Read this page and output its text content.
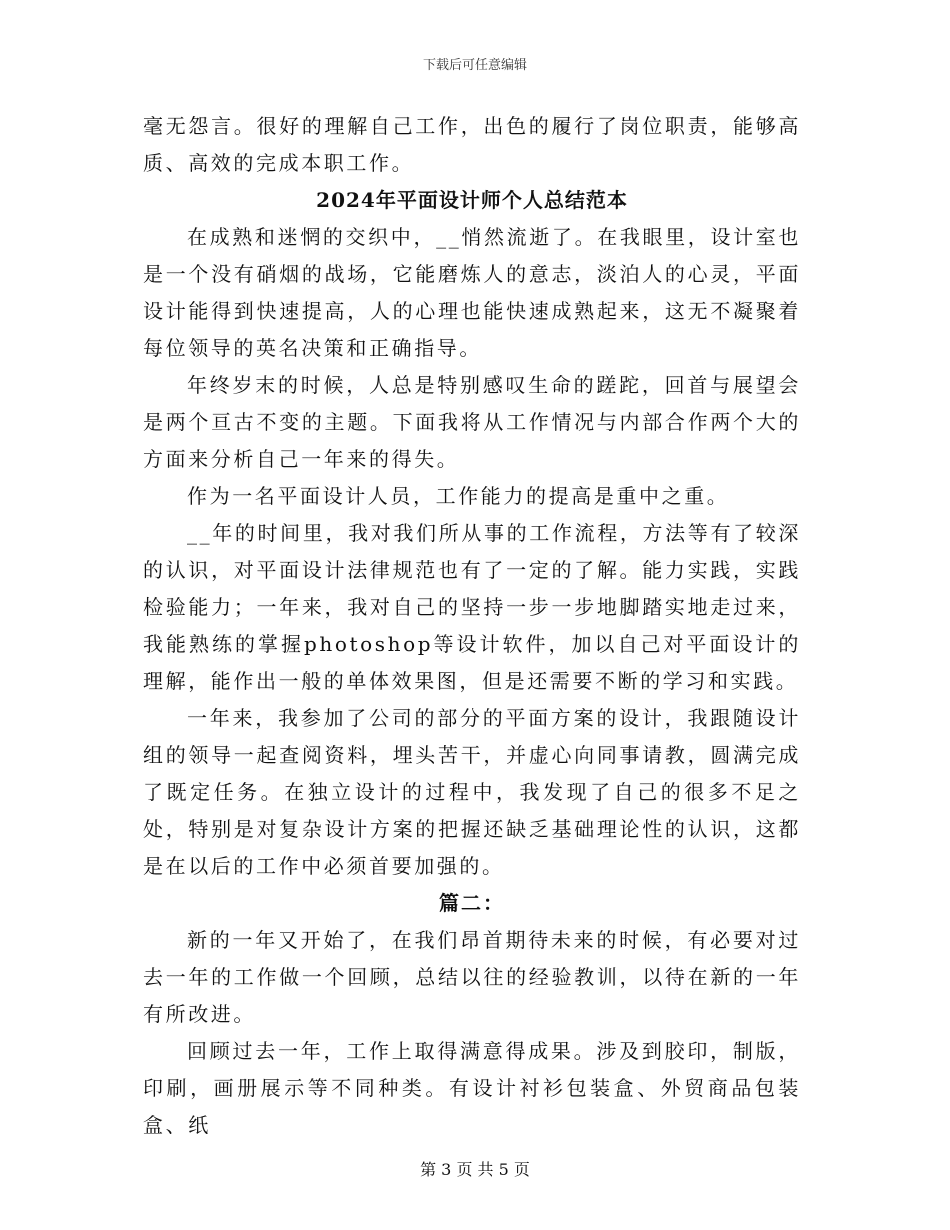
下载后可任意编辑

毫无怨言。很好的理解自己工作，出色的履行了岗位职责，能够高质、高效的完成本职工作。

2024年平面设计师个人总结范本

在成熟和迷惘的交织中，__悄然流逝了。在我眼里，设计室也是一个没有硝烟的战场，它能磨炼人的意志，淡泊人的心灵，平面设计能得到快速提高，人的心理也能快速成熟起来，这无不凝聚着每位领导的英名决策和正确指导。

年终岁末的时候，人总是特别感叹生命的蹉跎，回首与展望会是两个亘古不变的主题。下面我将从工作情况与内部合作两个大的方面来分析自己一年来的得失。

作为一名平面设计人员，工作能力的提高是重中之重。

__年的时间里，我对我们所从事的工作流程，方法等有了较深的认识，对平面设计法律规范也有了一定的了解。能力实践，实践检验能力；一年来，我对自己的坚持一步一步地脚踏实地走过来，我能熟练的掌握photoshop等设计软件，加以自己对平面设计的理解，能作出一般的单体效果图，但是还需要不断的学习和实践。

一年来，我参加了公司的部分的平面方案的设计，我跟随设计组的领导一起查阅资料，埋头苦干，并虚心向同事请教，圆满完成了既定任务。在独立设计的过程中，我发现了自己的很多不足之处，特别是对复杂设计方案的把握还缺乏基础理论性的认识，这都是在以后的工作中必须首要加强的。

篇二：

新的一年又开始了，在我们昂首期待未来的时候，有必要对过去一年的工作做一个回顾，总结以往的经验教训，以待在新的一年有所改进。

回顾过去一年，工作上取得满意得成果。涉及到胶印，制版，印刷，画册展示等不同种类。有设计衬衫包装盒、外贸商品包装盒、纸

第 3 页 共 5 页
